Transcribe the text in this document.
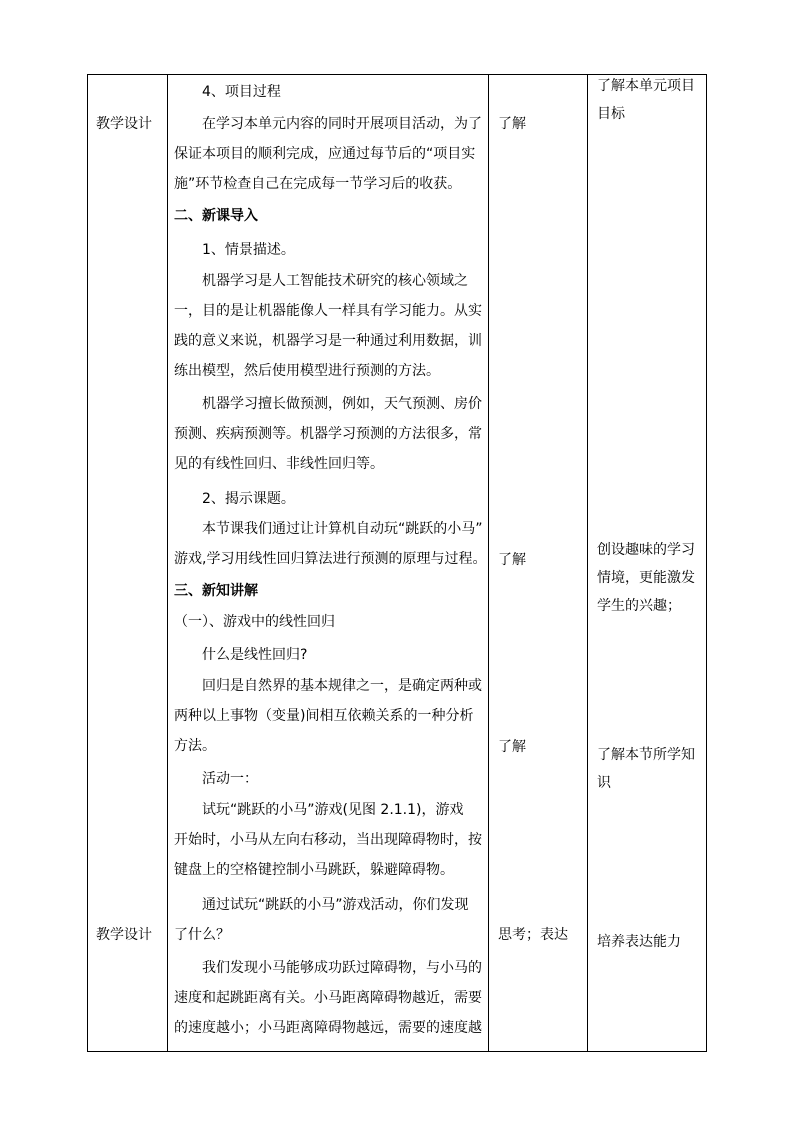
教学设计
教学设计
4、项目过程
在学习本单元内容的同时开展项目活动，为了
保证本项目的顺利完成，应通过每节后的“项目实
施”环节检查自己在完成每一节学习后的收获。
二、新课导入
1、情景描述。
机器学习是人工智能技术研究的核心领域之
一，目的是让机器能像人一样具有学习能力。从实
践的意义来说，机器学习是一种通过利用数据，训
练出模型，然后使用模型进行预测的方法。
机器学习擅长做预测，例如，天气预测、房价
预测、疾病预测等。机器学习预测的方法很多，常
见的有线性回归、非线性回归等。
2、揭示课题。
本节课我们通过让计算机自动玩“跳跃的小马”
游戏,学习用线性回归算法进行预测的原理与过程。
三、新知讲解
（一）、游戏中的线性回归
什么是线性回归?
回归是自然界的基本规律之一，是确定两种或
两种以上事物（变量)间相互依赖关系的一种分析
方法。
活动一：
试玩“跳跃的小马”游戏(见图 2.1.1)，游戏
开始时，小马从左向右移动，当出现障碍物时，按
键盘上的空格键控制小马跳跃，躲避障碍物。
通过试玩“跳跃的小马”游戏活动，你们发现
了什么？
我们发现小马能够成功跃过障碍物，与小马的
速度和起跳距离有关。小马距离障碍物越近，需要
的速度越小；小马距离障碍物越远，需要的速度越
了解
了解
了解
思考；表达
了解本单元项目目标
创设趣味的学习情境，更能激发学生的兴趣；
了解本节所学知识
培养表达能力
